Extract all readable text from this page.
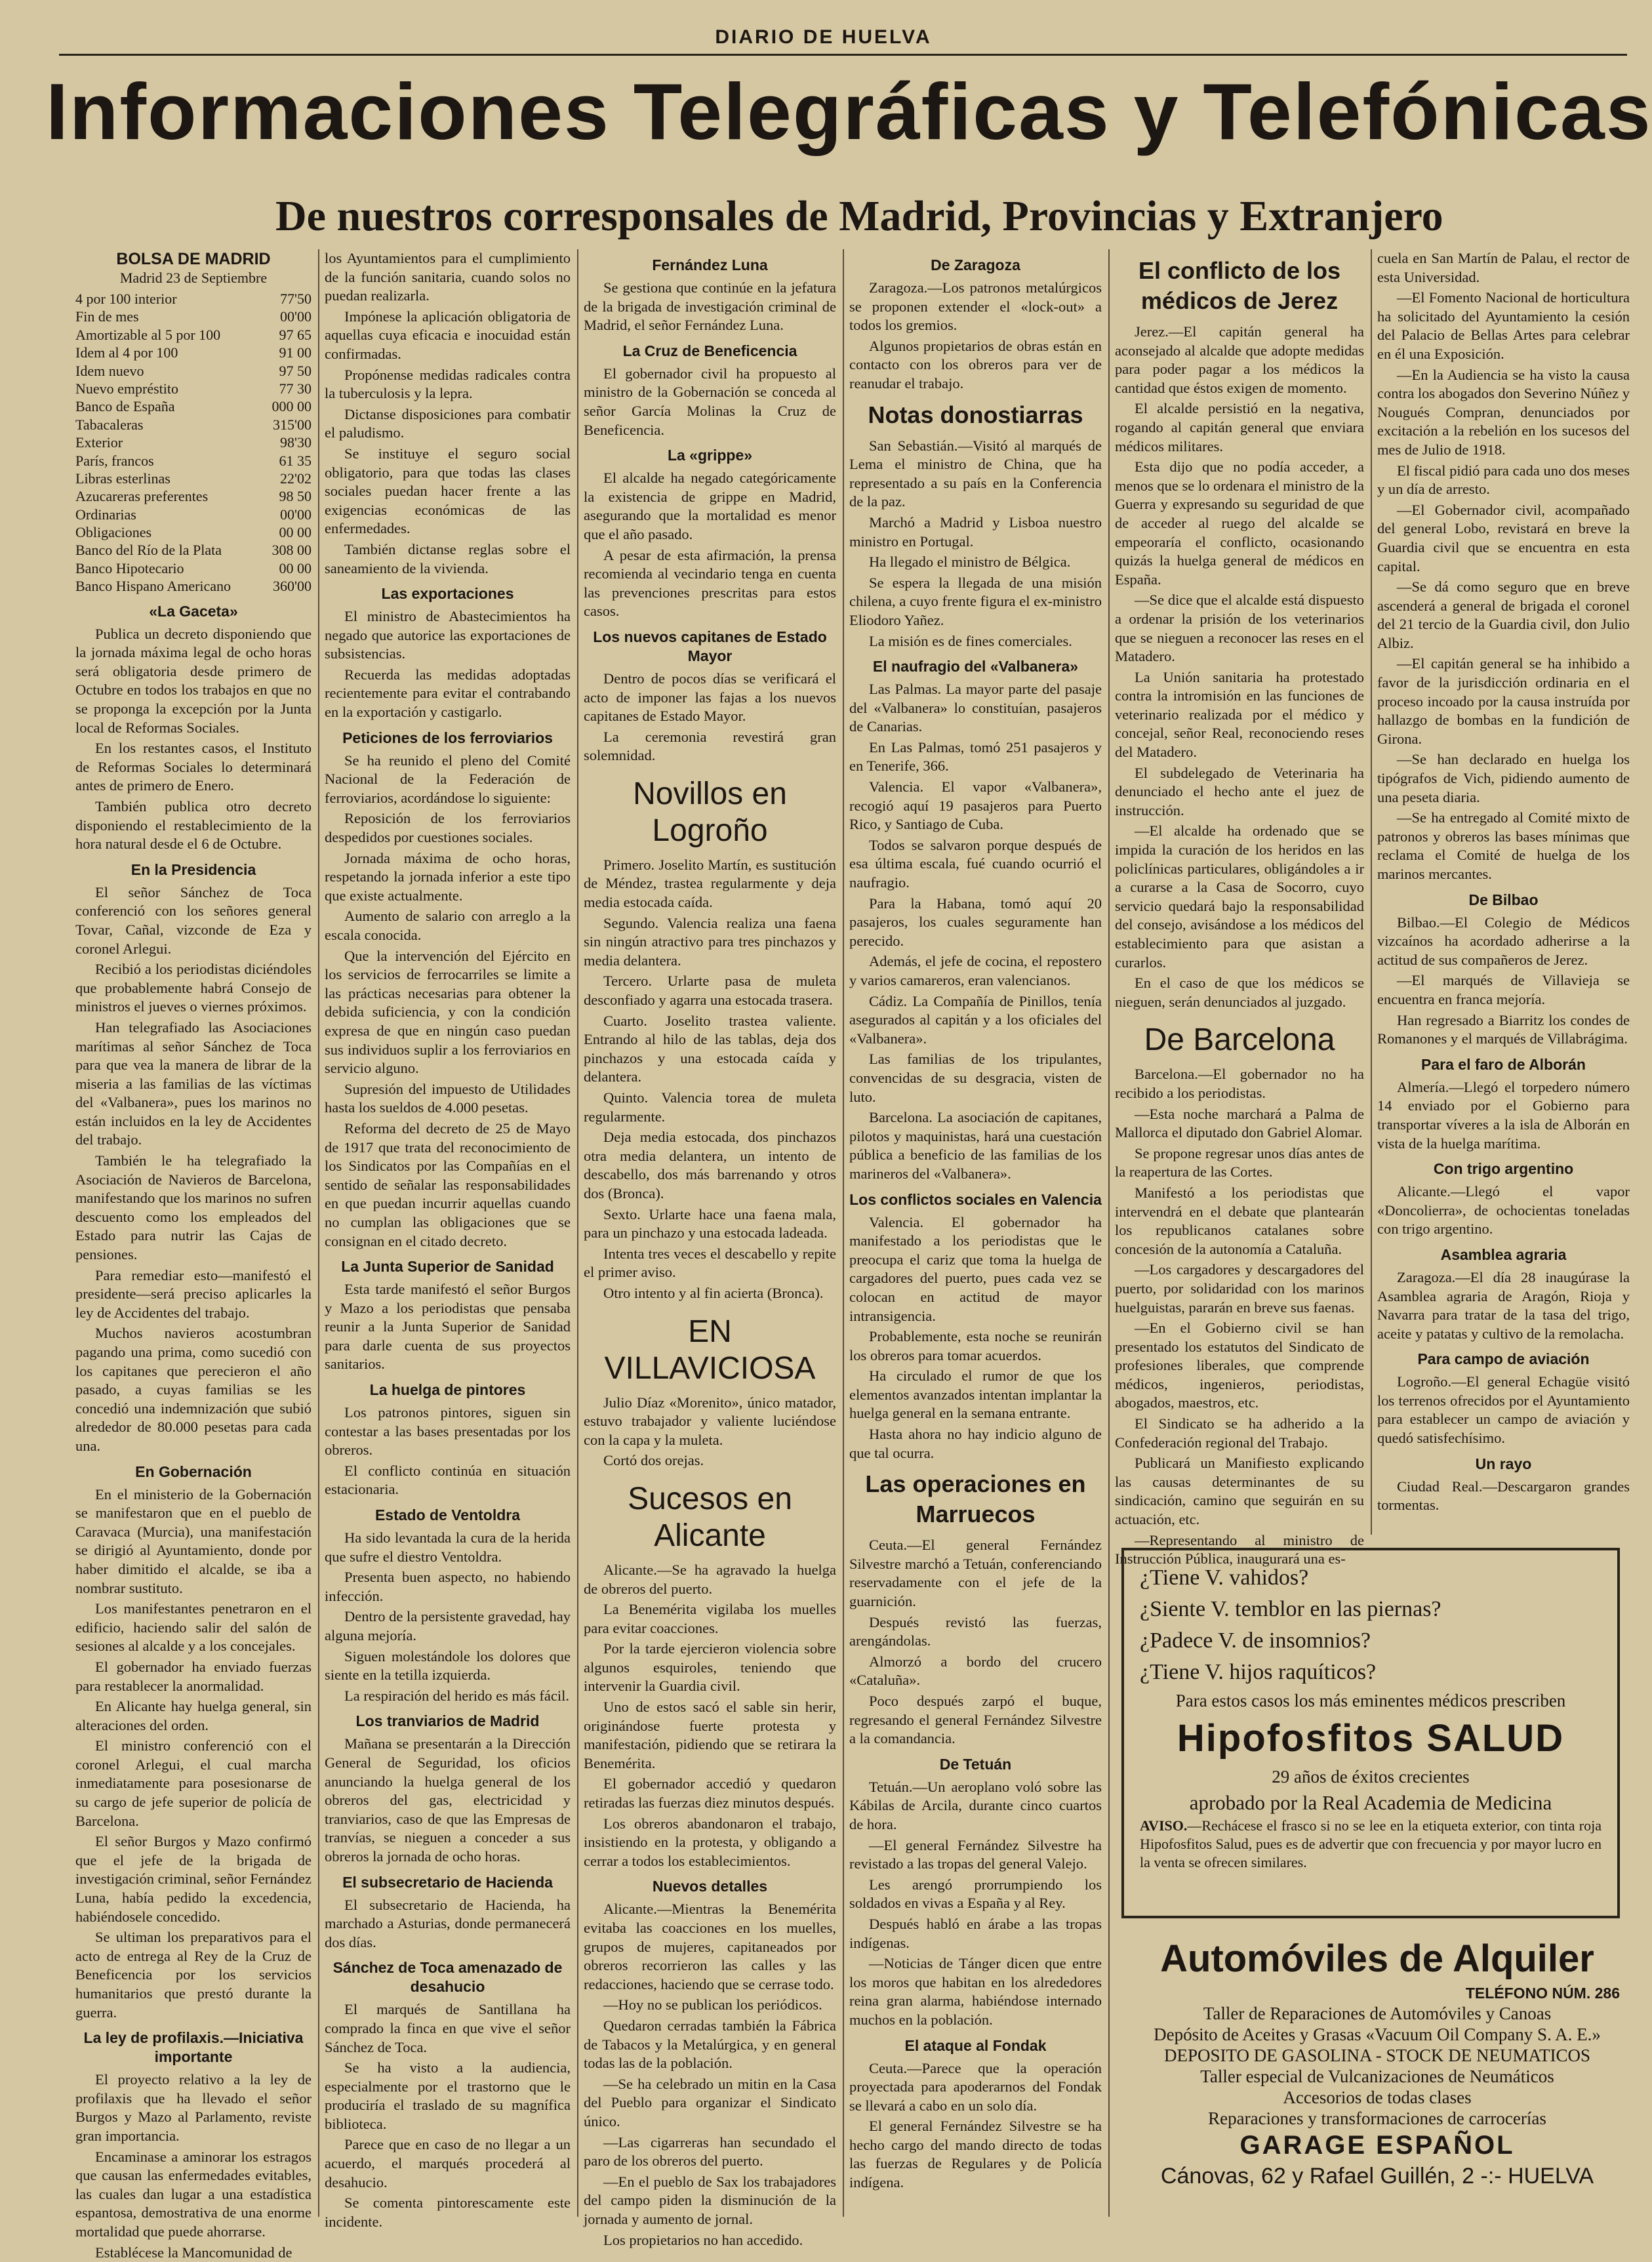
DIARIO DE HUELVA
Informaciones Telegráficas y Telefónicas
De nuestros corresponsales de Madrid, Provincias y Extranjero
BOLSA DE MADRID
Madrid 23 de Septiembre
4 por 100 interior	77'50
Fin de mes	00'00
Amortizable al 5 por 100	97 65
Idem al 4 por 100	91 00
Idem nuevo	97 50
Nuevo empréstito	77 30
Banco de España	000 00
Tabacaleras	315'00
Exterior	98'30
París, francos	61 35
Libras esterlinas	22'02
Azucareras preferentes	98 50
Ordinarias	00'00
Obligaciones	00 00
Banco del Río de la Plata	308 00
Banco Hipotecario	00 00
Banco Hispano Americano	360'00
«La Gaceta»

Publica un decreto disponiendo que la jornada máxima legal de ocho horas será obligatoria desde primero de Octubre en todos los trabajos en que no se proponga la excepción por la Junta local de Reformas Sociales.

En los restantes casos, el Instituto de Reformas Sociales lo determinará antes de primero de Enero.

También publica otro decreto disponiendo el restablecimiento de la hora natural desde el 6 de Octubre.

En la Presidencia

El señor Sánchez de Toca conferenció con los señores general Tovar, Cañal, vizconde de Eza y coronel Arlegui.

Recibió a los periodistas diciéndoles que probablemente habrá Consejo de ministros el jueves o viernes próximos.

Han telegrafiado las Asociaciones marítimas al señor Sánchez de Toca para que vea la manera de librar de la miseria a las familias de las víctimas del «Valbanera», pues los marinos no están incluidos en la ley de Accidentes del trabajo.

También le ha telegrafiado la Asociación de Navieros de Barcelona, manifestando que los marinos no sufren descuento como los empleados del Estado para nutrir las Cajas de pensiones.

Para remediar esto—manifestó el presidente—será preciso aplicarles la ley de Accidentes del trabajo.

Muchos navieros acostumbran pagando una prima, como sucedió con los capitanes que perecieron el año pasado, a cuyas familias se les concedió una indemnización que subió alrededor de 80.000 pesetas para cada una.

En Gobernación

En el ministerio de la Gobernación se manifestaron que en el pueblo de Caravaca (Murcia), una manifestación se dirigió al Ayuntamiento, donde por haber dimitido el alcalde, se iba a nombrar sustituto.

Los manifestantes penetraron en el edificio, haciendo salir del salón de sesiones al alcalde y a los concejales.

El gobernador ha enviado fuerzas para restablecer la anormalidad.

En Alicante hay huelga general, sin alteraciones del orden.

El ministro conferenció con el coronel Arlegui, el cual marcha inmediatamente para posesionarse de su cargo de jefe superior de policía de Barcelona.

El señor Burgos y Mazo confirmó que el jefe de la brigada de investigación criminal, señor Fernández Luna, había pedido la excedencia, habiéndosele concedido.

Se ultiman los preparativos para el acto de entrega al Rey de la Cruz de Beneficencia por los servicios humanitarios que prestó durante la guerra.

La ley de profilaxis.—Iniciativa importante

El proyecto relativo a la ley de profilaxis que ha llevado el señor Burgos y Mazo al Parlamento, reviste gran importancia.

Encaminase a aminorar los estragos que causan las enfermedades evitables, las cuales dan lugar a una estadística espantosa, demostrativa de una enorme mortalidad que puede ahorrarse.

Establécese la Mancomunidad de

los Ayuntamientos para el cumplimiento de la función sanitaria, cuando solos no puedan realizarla.

Impónese la aplicación obligatoria de aquellas cuya eficacia e inocuidad están confirmadas.

Propónense medidas radicales contra la tuberculosis y la lepra.

Dictanse disposiciones para combatir el paludismo.

Se instituye el seguro social obligatorio, para que todas las clases sociales puedan hacer frente a las exigencias económicas de las enfermedades.

También dictanse reglas sobre el saneamiento de la vivienda.

Las exportaciones

El ministro de Abastecimientos ha negado que autorice las exportaciones de subsistencias.

Recuerda las medidas adoptadas recientemente para evitar el contrabando en la exportación y castigarlo.

Peticiones de los ferroviarios

Se ha reunido el pleno del Comité Nacional de la Federación de ferroviarios, acordándose lo siguiente:

Reposición de los ferroviarios despedidos por cuestiones sociales.

Jornada máxima de ocho horas, respetando la jornada inferior a este tipo que existe actualmente.

Aumento de salario con arreglo a la escala conocida.

Que la intervención del Ejército en los servicios de ferrocarriles se limite a las prácticas necesarias para obtener la debida suficiencia, y con la condición expresa de que en ningún caso puedan sus individuos suplir a los ferroviarios en servicio alguno.

Supresión del impuesto de Utilidades hasta los sueldos de 4.000 pesetas.

Reforma del decreto de 25 de Mayo de 1917 que trata del reconocimiento de los Sindicatos por las Compañías en el sentido de señalar las responsabilidades en que puedan incurrir aquellas cuando no cumplan las obligaciones que se consignan en el citado decreto.

La Junta Superior de Sanidad

Esta tarde manifestó el señor Burgos y Mazo a los periodistas que pensaba reunir a la Junta Superior de Sanidad para darle cuenta de sus proyectos sanitarios.

La huelga de pintores

Los patronos pintores, siguen sin contestar a las bases presentadas por los obreros.

El conflicto continúa en situación estacionaria.

Estado de Ventoldra

Ha sido levantada la cura de la herida que sufre el diestro Ventoldra.

Presenta buen aspecto, no habiendo infección.

Dentro de la persistente gravedad, hay alguna mejoría.

Siguen molestándole los dolores que siente en la tetilla izquierda.

La respiración del herido es más fácil.

Los tranviarios de Madrid

Mañana se presentarán a la Dirección General de Seguridad, los oficios anunciando la huelga general de los obreros del gas, electricidad y tranviarios, caso de que las Empresas de tranvías, se nieguen a conceder a sus obreros la jornada de ocho horas.

El subsecretario de Hacienda

El subsecretario de Hacienda, ha marchado a Asturias, donde permanecerá dos días.

Sánchez de Toca amenazado de desahucio

El marqués de Santillana ha comprado la finca en que vive el señor Sánchez de Toca.

Se ha visto a la audiencia, especialmente por el trastorno que le produciría el traslado de su magnífica biblioteca.

Parece que en caso de no llegar a un acuerdo, el marqués procederá al desahucio.

Se comenta pintorescamente este incidente.

Fernández Luna

Se gestiona que continúe en la jefatura de la brigada de investigación criminal de Madrid, el señor Fernández Luna.

La Cruz de Beneficencia

El gobernador civil ha propuesto al ministro de la Gobernación se conceda al señor García Molinas la Cruz de Beneficencia.

La «grippe»

El alcalde ha negado categóricamente la existencia de grippe en Madrid, asegurando que la mortalidad es menor que el año pasado.

A pesar de esta afirmación, la prensa recomienda al vecindario tenga en cuenta las prevenciones prescritas para estos casos.

Los nuevos capitanes de Estado Mayor

Dentro de pocos días se verificará el acto de imponer las fajas a los nuevos capitanes de Estado Mayor.

La ceremonia revestirá gran solemnidad.

Novillos en Logroño

Primero. Joselito Martín, es sustitución de Méndez, trastea regularmente y deja media estocada caída.

Segundo. Valencia realiza una faena sin ningún atractivo para tres pinchazos y media delantera.

Tercero. Urlarte pasa de muleta desconfiado y agarra una estocada trasera.

Cuarto. Joselito trastea valiente. Entrando al hilo de las tablas, deja dos pinchazos y una estocada caída y delantera.

Quinto. Valencia torea de muleta regularmente.

Deja media estocada, dos pinchazos otra media delantera, un intento de descabello, dos más barrenando y otros dos (Bronca).

Sexto. Urlarte hace una faena mala, para un pinchazo y una estocada ladeada.

Intenta tres veces el descabello y repite el primer aviso.

Otro intento y al fin acierta (Bronca).

EN VILLAVICIOSA

Julio Díaz «Morenito», único matador, estuvo trabajador y valiente luciéndose con la capa y la muleta.

Cortó dos orejas.

Sucesos en Alicante

Alicante.—Se ha agravado la huelga de obreros del puerto.

La Benemérita vigilaba los muelles para evitar coacciones.

Por la tarde ejercieron violencia sobre algunos esquiroles, teniendo que intervenir la Guardia civil.

Uno de estos sacó el sable sin herir, originándose fuerte protesta y manifestación, pidiendo que se retirara la Benemérita.

El gobernador accedió y quedaron retiradas las fuerzas diez minutos después.

Los obreros abandonaron el trabajo, insistiendo en la protesta, y obligando a cerrar a todos los establecimientos.

Nuevos detalles

Alicante.—Mientras la Benemérita evitaba las coacciones en los muelles, grupos de mujeres, capitaneados por obreros recorrieron las calles y las redacciones, haciendo que se cerrase todo.

—Hoy no se publican los periódicos.

Quedaron cerradas también la Fábrica de Tabacos y la Metalúrgica, y en general todas las de la población.

—Se ha celebrado un mitin en la Casa del Pueblo para organizar el Sindicato único.

—Las cigarreras han secundado el paro de los obreros del puerto.

—En el pueblo de Sax los trabajadores del campo piden la disminución de la jornada y aumento de jornal.

Los propietarios no han accedido.

De Zaragoza

Zaragoza.—Los patronos metalúrgicos se proponen extender el «lock-out» a todos los gremios.

Algunos propietarios de obras están en contacto con los obreros para ver de reanudar el trabajo.

Notas donostiarras

San Sebastián.—Visitó al marqués de Lema el ministro de China, que ha representado a su país en la Conferencia de la paz.

Marchó a Madrid y Lisboa nuestro ministro en Portugal.

Ha llegado el ministro de Bélgica.

Se espera la llegada de una misión chilena, a cuyo frente figura el ex-ministro Eliodoro Yañez.

La misión es de fines comerciales.

El naufragio del «Valbanera»

Las Palmas. La mayor parte del pasaje del «Valbanera» lo constituían, pasajeros de Canarias.

En Las Palmas, tomó 251 pasajeros y en Tenerife, 366.

Valencia. El vapor «Valbanera», recogió aquí 19 pasajeros para Puerto Rico, y Santiago de Cuba.

Todos se salvaron porque después de esa última escala, fué cuando ocurrió el naufragio.

Para la Habana, tomó aquí 20 pasajeros, los cuales seguramente han perecido.

Además, el jefe de cocina, el repostero y varios camareros, eran valencianos.

Cádiz. La Compañía de Pinillos, tenía asegurados al capitán y a los oficiales del «Valbanera».

Las familias de los tripulantes, convencidas de su desgracia, visten de luto.

Barcelona. La asociación de capitanes, pilotos y maquinistas, hará una cuestación pública a beneficio de las familias de los marineros del «Valbanera».

Los conflictos sociales en Valencia

Valencia. El gobernador ha manifestado a los periodistas que le preocupa el cariz que toma la huelga de cargadores del puerto, pues cada vez se colocan en actitud de mayor intransigencia.

Probablemente, esta noche se reunirán los obreros para tomar acuerdos.

Ha circulado el rumor de que los elementos avanzados intentan implantar la huelga general en la semana entrante.

Hasta ahora no hay indicio alguno de que tal ocurra.

Las operaciones en Marruecos

Ceuta.—El general Fernández Silvestre marchó a Tetuán, conferenciando reservadamente con el jefe de la guarnición.

Después revistó las fuerzas, arengándolas.

Almorzó a bordo del crucero «Cataluña».

Poco después zarpó el buque, regresando el general Fernández Silvestre a la comandancia.

De Tetuán

Tetuán.—Un aeroplano voló sobre las Kábilas de Arcila, durante cinco cuartos de hora.

—El general Fernández Silvestre ha revistado a las tropas del general Valejo.

Les arengó prorrumpiendo los soldados en vivas a España y al Rey.

Después habló en árabe a las tropas indígenas.

—Noticias de Tánger dicen que entre los moros que habitan en los alrededores reina gran alarma, habiéndose internado muchos en la población.

El ataque al Fondak

Ceuta.—Parece que la operación proyectada para apoderarnos del Fondak se llevará a cabo en un solo día.

El general Fernández Silvestre se ha hecho cargo del mando directo de todas las fuerzas de Regulares y de Policía indígena.

El conflicto de los médicos de Jerez

Jerez.—El capitán general ha aconsejado al alcalde que adopte medidas para poder pagar a los médicos la cantidad que éstos exigen de momento.

El alcalde persistió en la negativa, rogando al capitán general que enviara médicos militares.

Esta dijo que no podía acceder, a menos que se lo ordenara el ministro de la Guerra y expresando su seguridad de que de acceder al ruego del alcalde se empeoraría el conflicto, ocasionando quizás la huelga general de médicos en España.

—Se dice que el alcalde está dispuesto a ordenar la prisión de los veterinarios que se nieguen a reconocer las reses en el Matadero.

La Unión sanitaria ha protestado contra la intromisión en las funciones de veterinario realizada por el médico y concejal, señor Real, reconociendo reses del Matadero.

El subdelegado de Veterinaria ha denunciado el hecho ante el juez de instrucción.

—El alcalde ha ordenado que se impida la curación de los heridos en las policlínicas particulares, obligándoles a ir a curarse a la Casa de Socorro, cuyo servicio quedará bajo la responsabilidad del consejo, avisándose a los médicos del establecimiento para que asistan a curarlos.

En el caso de que los médicos se nieguen, serán denunciados al juzgado.

De Barcelona

Barcelona.—El gobernador no ha recibido a los periodistas.

—Esta noche marchará a Palma de Mallorca el diputado don Gabriel Alomar.

Se propone regresar unos días antes de la reapertura de las Cortes.

Manifestó a los periodistas que intervendrá en el debate que plantearán los republicanos catalanes sobre concesión de la autonomía a Cataluña.

—Los cargadores y descargadores del puerto, por solidaridad con los marinos huelguistas, pararán en breve sus faenas.

—En el Gobierno civil se han presentado los estatutos del Sindicato de profesiones liberales, que comprende médicos, ingenieros, periodistas, abogados, maestros, etc.

El Sindicato se ha adherido a la Confederación regional del Trabajo.

Publicará un Manifiesto explicando las causas determinantes de su sindicación, camino que seguirán en su actuación, etc.

—Representando al ministro de Instrucción Pública, inaugurará una es-

cuela en San Martín de Palau, el rector de esta Universidad.

—El Fomento Nacional de horticultura ha solicitado del Ayuntamiento la cesión del Palacio de Bellas Artes para celebrar en él una Exposición.

—En la Audiencia se ha visto la causa contra los abogados don Severino Núñez y Nougués Compran, denunciados por excitación a la rebelión en los sucesos del mes de Julio de 1918.

El fiscal pidió para cada uno dos meses y un día de arresto.

—El Gobernador civil, acompañado del general Lobo, revistará en breve la Guardia civil que se encuentra en esta capital.

—Se dá como seguro que en breve ascenderá a general de brigada el coronel del 21 tercio de la Guardia civil, don Julio Albiz.

—El capitán general se ha inhibido a favor de la jurisdicción ordinaria en el proceso incoado por la causa instruída por hallazgo de bombas en la fundición de Girona.

—Se han declarado en huelga los tipógrafos de Vich, pidiendo aumento de una peseta diaria.

—Se ha entregado al Comité mixto de patronos y obreros las bases mínimas que reclama el Comité de huelga de los marinos mercantes.

De Bilbao

Bilbao.—El Colegio de Médicos vizcaínos ha acordado adherirse a la actitud de sus compañeros de Jerez.

—El marqués de Villavieja se encuentra en franca mejoría.

Han regresado a Biarritz los condes de Romanones y el marqués de Villabrágima.

Para el faro de Alborán

Almería.—Llegó el torpedero número 14 enviado por el Gobierno para transportar víveres a la isla de Alborán en vista de la huelga marítima.

Con trigo argentino

Alicante.—Llegó el vapor «Doncolierra», de ochocientas toneladas con trigo argentino.

Asamblea agraria

Zaragoza.—El día 28 inaugúrase la Asamblea agraria de Aragón, Rioja y Navarra para tratar de la tasa del trigo, aceite y patatas y cultivo de la remolacha.

Para campo de aviación

Logroño.—El general Echagüe visitó los terrenos ofrecidos por el Ayuntamiento para establecer un campo de aviación y quedó satisfechísimo.

Un rayo

Ciudad Real.—Descargaron grandes tormentas.

¿Tiene V. vahidos?
¿Siente V. temblor en las piernas?
¿Padece V. de insomnios?
¿Tiene V. hijos raquíticos?
Para estos casos los más eminentes médicos prescriben
Hipofosfitos SALUD
29 años de éxitos crecientes
aprobado por la Real Academia de Medicina
AVISO.—Rechácese el frasco si no se lee en la etiqueta exterior, con tinta roja Hipofosfitos Salud, pues es de advertir que con frecuencia y por mayor lucro en la venta se ofrecen similares.
Automóviles de Alquiler
TELÉFONO NÚM. 286
Taller de Reparaciones de Automóviles y Canoas
Depósito de Aceites y Grasas «Vacuum Oil Company S. A. E.»
DEPOSITO DE GASOLINA - STOCK DE NEUMATICOS
Taller especial de Vulcanizaciones de Neumáticos
Accesorios de todas clases
Reparaciones y transformaciones de carrocerías
GARAGE ESPAÑOL
Cánovas, 62 y Rafael Guillén, 2 -:- HUELVA
